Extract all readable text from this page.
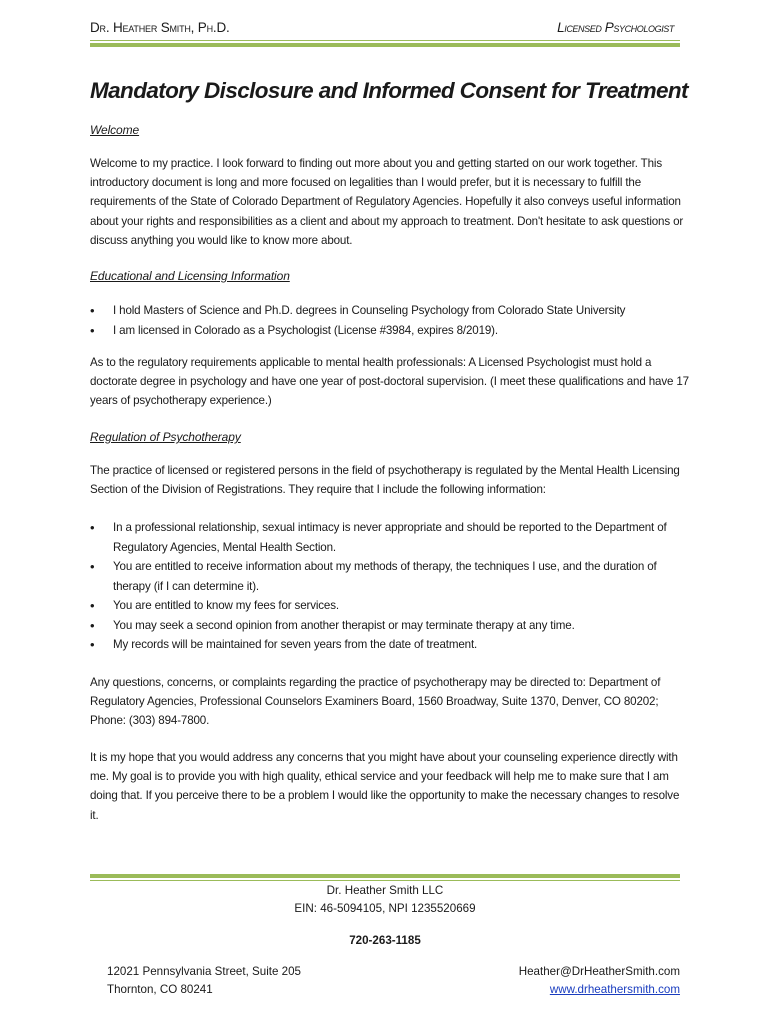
Dr. Heather Smith, Ph.D.	Licensed Psychologist
Mandatory Disclosure and Informed Consent for Treatment
Welcome

Welcome to my practice. I look forward to finding out more about you and getting started on our work together. This introductory document is long and more focused on legalities than I would prefer, but it is necessary to fulfill the requirements of the State of Colorado Department of Regulatory Agencies. Hopefully it also conveys useful information about your rights and responsibilities as a client and about my approach to treatment. Don't hesitate to ask questions or discuss anything you would like to know more about.

Educational and Licensing Information
• I hold Masters of Science and Ph.D. degrees in Counseling Psychology from Colorado State University
• I am licensed in Colorado as a Psychologist (License #3984, expires 8/2019).

As to the regulatory requirements applicable to mental health professionals: A Licensed Psychologist must hold a doctorate degree in psychology and have one year of post-doctoral supervision. (I meet these qualifications and have 17 years of psychotherapy experience.)

Regulation of Psychotherapy

The practice of licensed or registered persons in the field of psychotherapy is regulated by the Mental Health Licensing Section of the Division of Registrations. They require that I include the following information:

• In a professional relationship, sexual intimacy is never appropriate and should be reported to the Department of Regulatory Agencies, Mental Health Section.
• You are entitled to receive information about my methods of therapy, the techniques I use, and the duration of therapy (if I can determine it).
• You are entitled to know my fees for services.
• You may seek a second opinion from another therapist or may terminate therapy at any time.
• My records will be maintained for seven years from the date of treatment.

Any questions, concerns, or complaints regarding the practice of psychotherapy may be directed to: Department of Regulatory Agencies, Professional Counselors Examiners Board, 1560 Broadway, Suite 1370, Denver, CO 80202; Phone: (303) 894-7800.

It is my hope that you would address any concerns that you might have about your counseling experience directly with me. My goal is to provide you with high quality, ethical service and your feedback will help me to make sure that I am doing that. If you perceive there to be a problem I would like the opportunity to make the necessary changes to resolve it.

Dr. Heather Smith LLC
EIN: 46-5094105, NPI 1235520669
720-263-1185
12021 Pennsylvania Street, Suite 205
Thornton, CO 80241
Heather@DrHeatherSmith.com
www.drheathersmith.com
